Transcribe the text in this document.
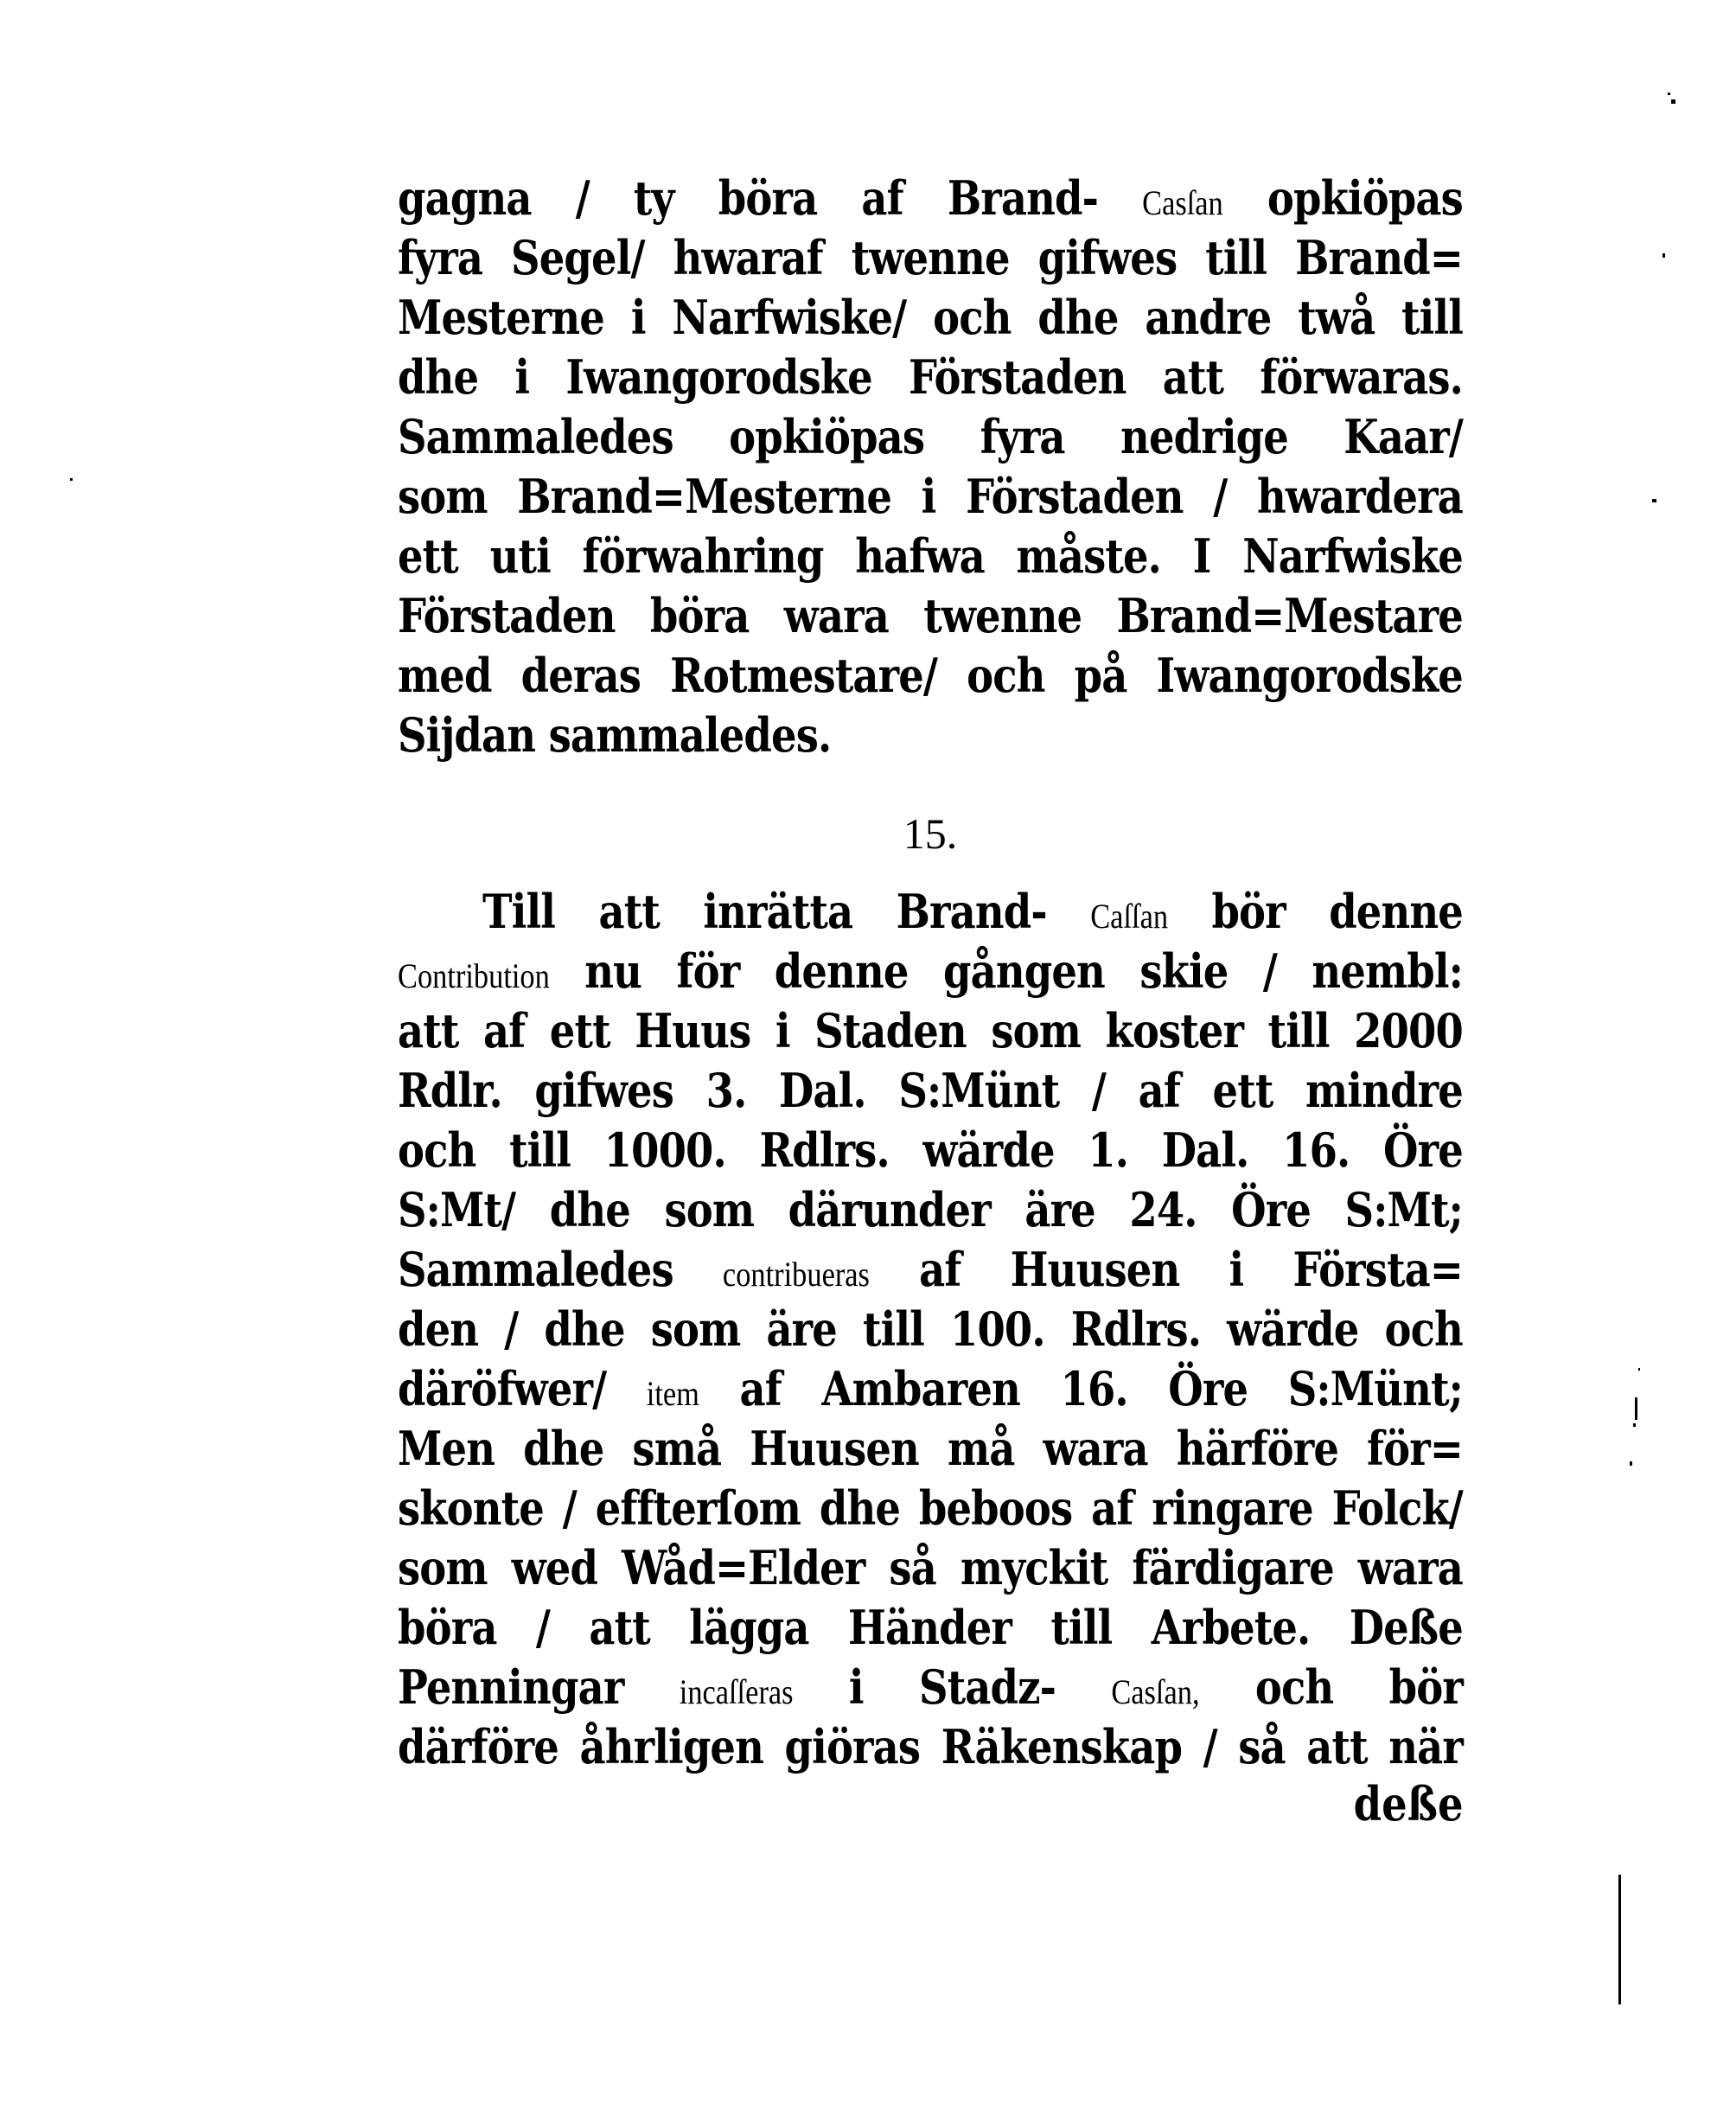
gagna / ty böra af Brand- Casſan opkiöpas
fyra Segel/ hwaraf twenne gifwes till Brand=
Mesterne i Narfwiske/ och dhe andre twå till
dhe i Iwangorodske Förstaden att förwaras.
Sammaledes opkiöpas fyra nedrige Kaar/
som Brand=Mesterne i Förstaden / hwardera
ett uti förwahring hafwa måste. I Narfwiske
Förstaden böra wara twenne Brand=Mestare
med deras Rotmestare/ och på Iwangorodske
Sijdan sammaledes.
Till att inrätta Brand- Caſſan bör denne
Contribution nu för denne gången skie / nembl:
att af ett Huus i Staden som koster till 2000
Rdlr. gifwes 3. Dal. S:Münt / af ett mindre
och till 1000. Rdlrs. wärde 1. Dal. 16. Öre
S:Mt/ dhe som därunder äre 24. Öre S:Mt;
Sammaledes contribueras af Huusen i Första=
den / dhe som äre till 100. Rdlrs. wärde och
däröfwer/ item af Ambaren 16. Öre S:Münt;
Men dhe små Huusen må wara härföre för=
skonte / effterſom dhe beboos af ringare Folck/
som wed Wåd=Elder så myckit färdigare wara
böra / att lägga Händer till Arbete. Deße
Penningar incaſſeras i Stadz- Casſan, och bör
därföre åhrligen giöras Räkenskap / så att när
15.
deße
